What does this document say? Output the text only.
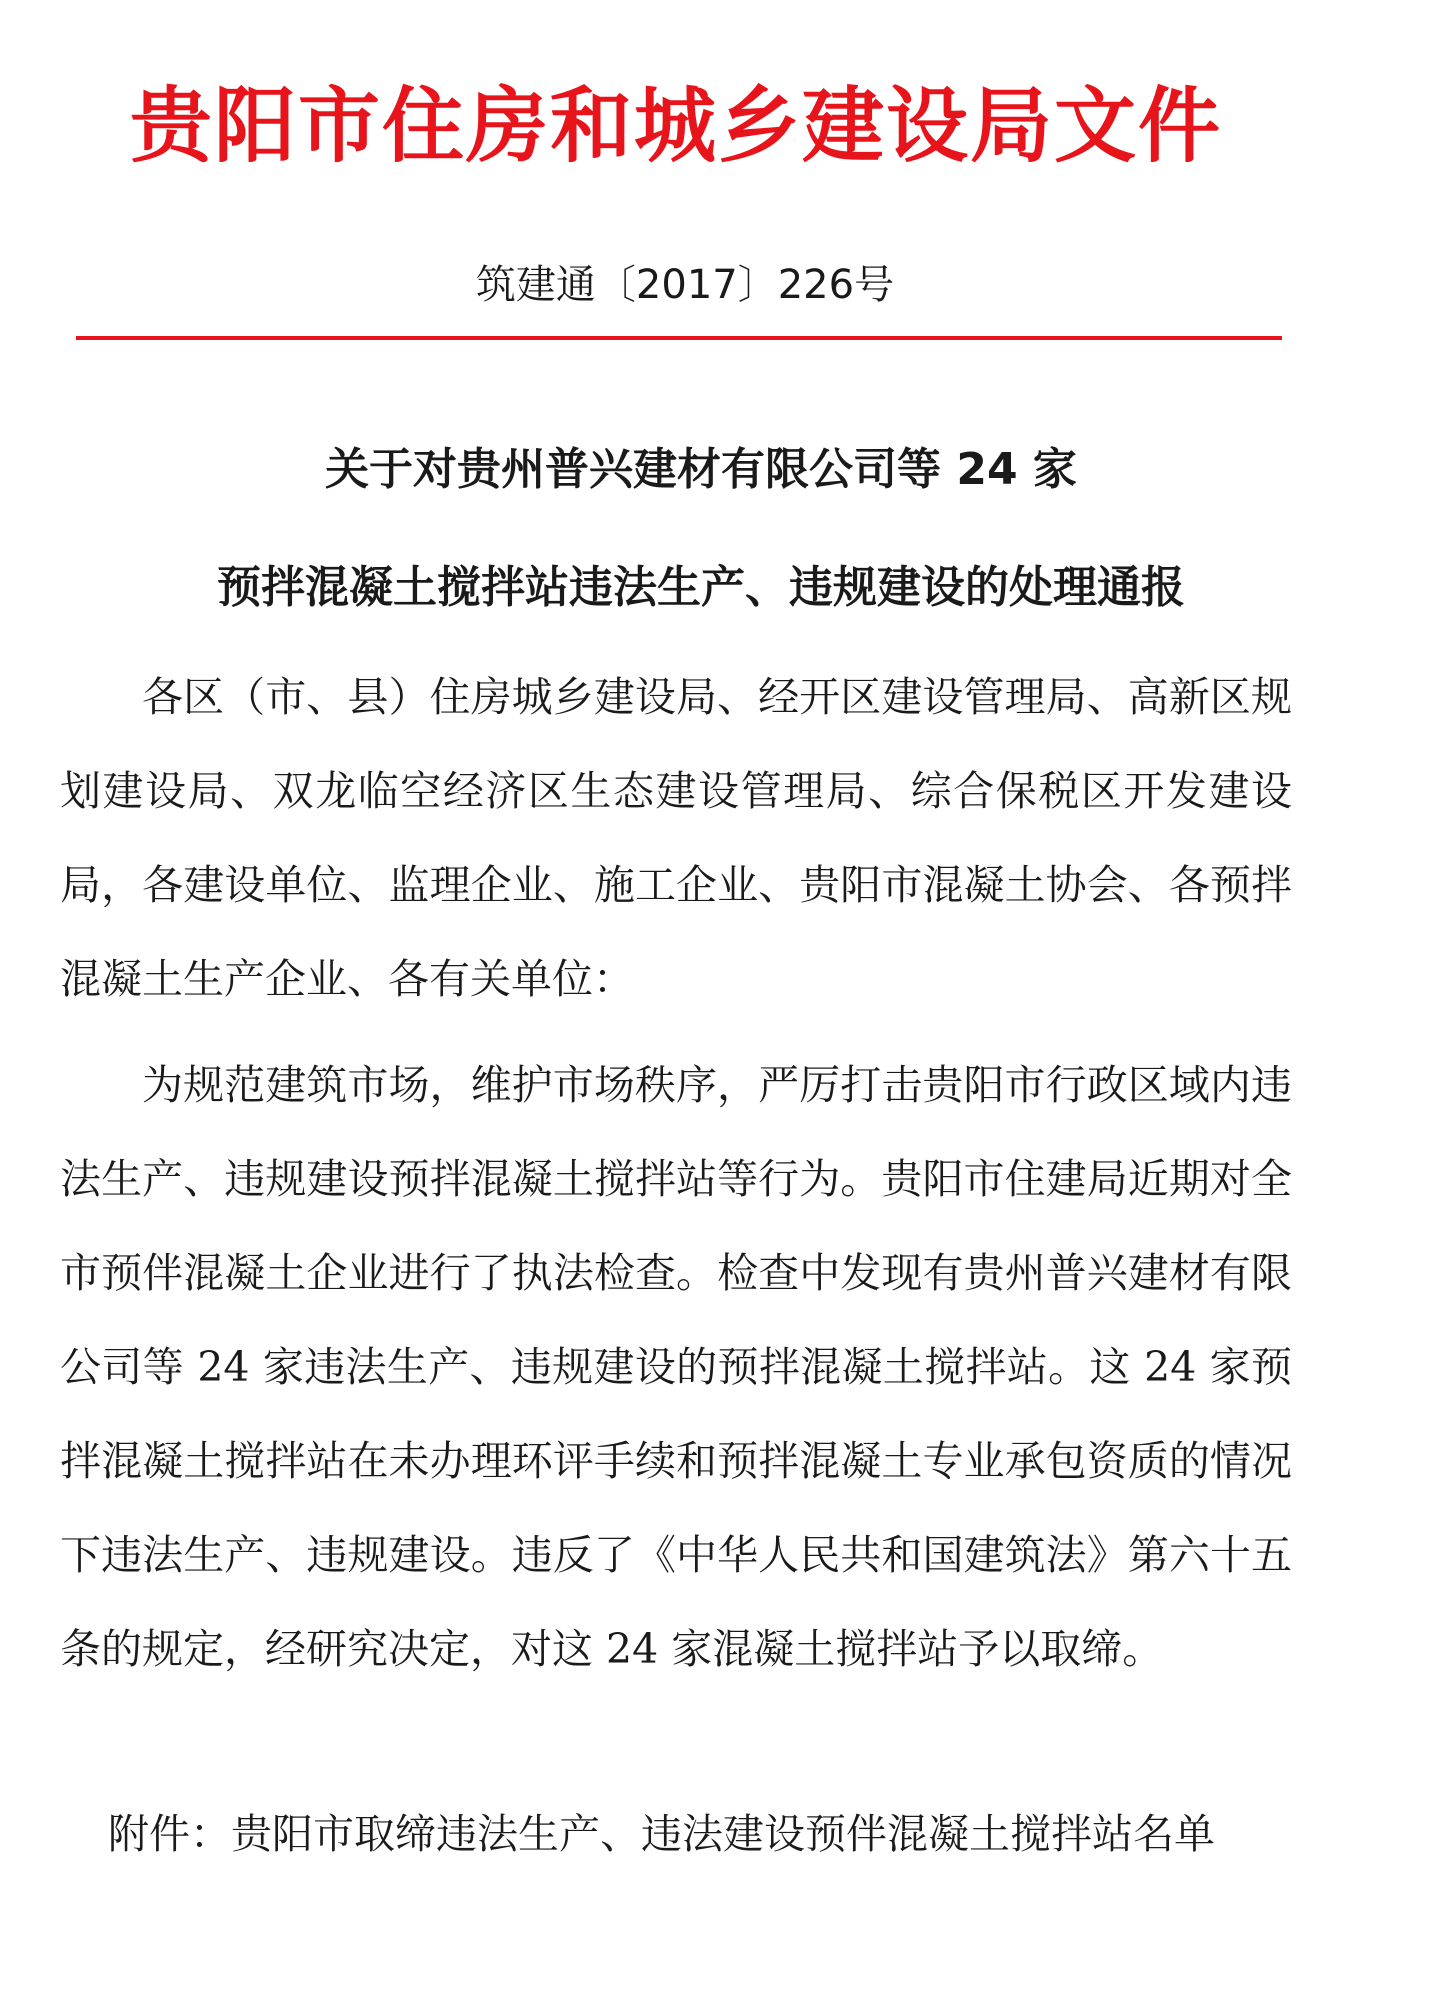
贵阳市住房和城乡建设局文件
筑建通〔2017〕226号
关于对贵州普兴建材有限公司等 24 家
预拌混凝土搅拌站违法生产、违规建设的处理通报

各区（市、县）住房城乡建设局、经开区建设管理局、高新区规划建设局、双龙临空经济区生态建设管理局、综合保税区开发建设局，各建设单位、监理企业、施工企业、贵阳市混凝土协会、各预拌混凝土生产企业、各有关单位：

为规范建筑市场，维护市场秩序，严厉打击贵阳市行政区域内违法生产、违规建设预拌混凝土搅拌站等行为。贵阳市住建局近期对全市预伴混凝土企业进行了执法检查。检查中发现有贵州普兴建材有限公司等 24 家违法生产、违规建设的预拌混凝土搅拌站。这 24 家预拌混凝土搅拌站在未办理环评手续和预拌混凝土专业承包资质的情况下违法生产、违规建设。违反了《中华人民共和国建筑法》第六十五条的规定，经研究决定，对这 24 家混凝土搅拌站予以取缔。

附件：贵阳市取缔违法生产、违法建设预伴混凝土搅拌站名单
